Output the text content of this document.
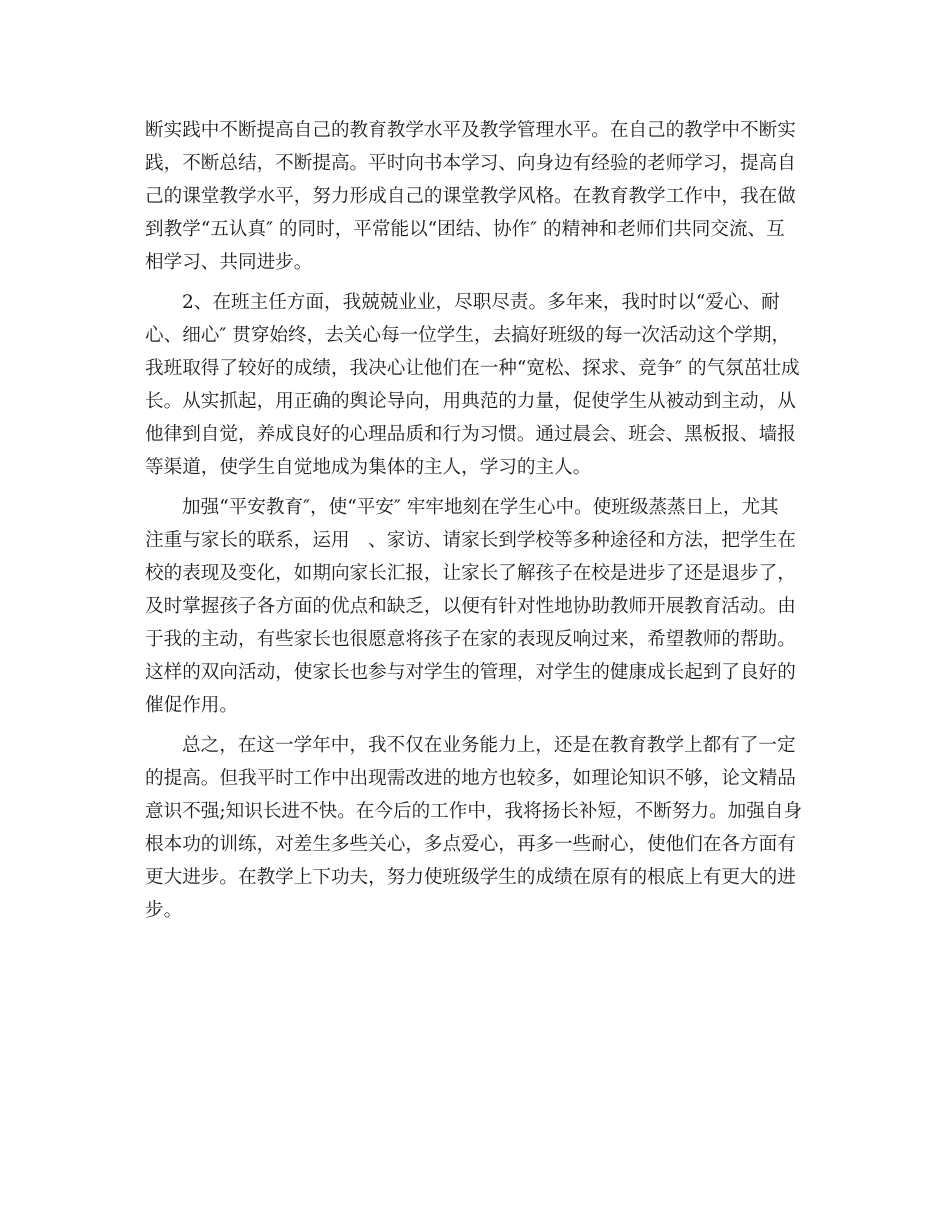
断实践中不断提高自己的教育教学水平及教学管理水平。在自己的教学中不断实
践，不断总结，不断提高。平时向书本学习、向身边有经验的老师学习，提高自
己的课堂教学水平，努力形成自己的课堂教学风格。在教育教学工作中，我在做
到教学“五认真″ 的同时，平常能以“团结、协作″ 的精神和老师们共同交流、互
相学习、共同进步。
2、在班主任方面，我兢兢业业，尽职尽责。多年来，我时时以“爱心、耐
心、细心″ 贯穿始终，去关心每一位学生，去搞好班级的每一次活动这个学期，
我班取得了较好的成绩，我决心让他们在一种“宽松、探求、竞争″ 的气氛茁壮成
长。从实抓起，用正确的舆论导向，用典范的力量，促使学生从被动到主动，从
他律到自觉，养成良好的心理品质和行为习惯。通过晨会、班会、黑板报、墙报
等渠道，使学生自觉地成为集体的主人，学习的主人。
加强“平安教育″，使“平安″ 牢牢地刻在学生心中。使班级蒸蒸日上，尤其
注重与家长的联系，运用　、家访、请家长到学校等多种途径和方法，把学生在
校的表现及变化，如期向家长汇报，让家长了解孩子在校是进步了还是退步了，
及时掌握孩子各方面的优点和缺乏，以便有针对性地协助教师开展教育活动。由
于我的主动，有些家长也很愿意将孩子在家的表现反响过来，希望教师的帮助。
这样的双向活动，使家长也参与对学生的管理，对学生的健康成长起到了良好的
催促作用。
总之，在这一学年中，我不仅在业务能力上，还是在教育教学上都有了一定
的提高。但我平时工作中出现需改进的地方也较多，如理论知识不够，论文精品
意识不强;知识长进不快。在今后的工作中，我将扬长补短，不断努力。加强自身
根本功的训练，对差生多些关心，多点爱心，再多一些耐心，使他们在各方面有
更大进步。在教学上下功夫，努力使班级学生的成绩在原有的根底上有更大的进
步。
